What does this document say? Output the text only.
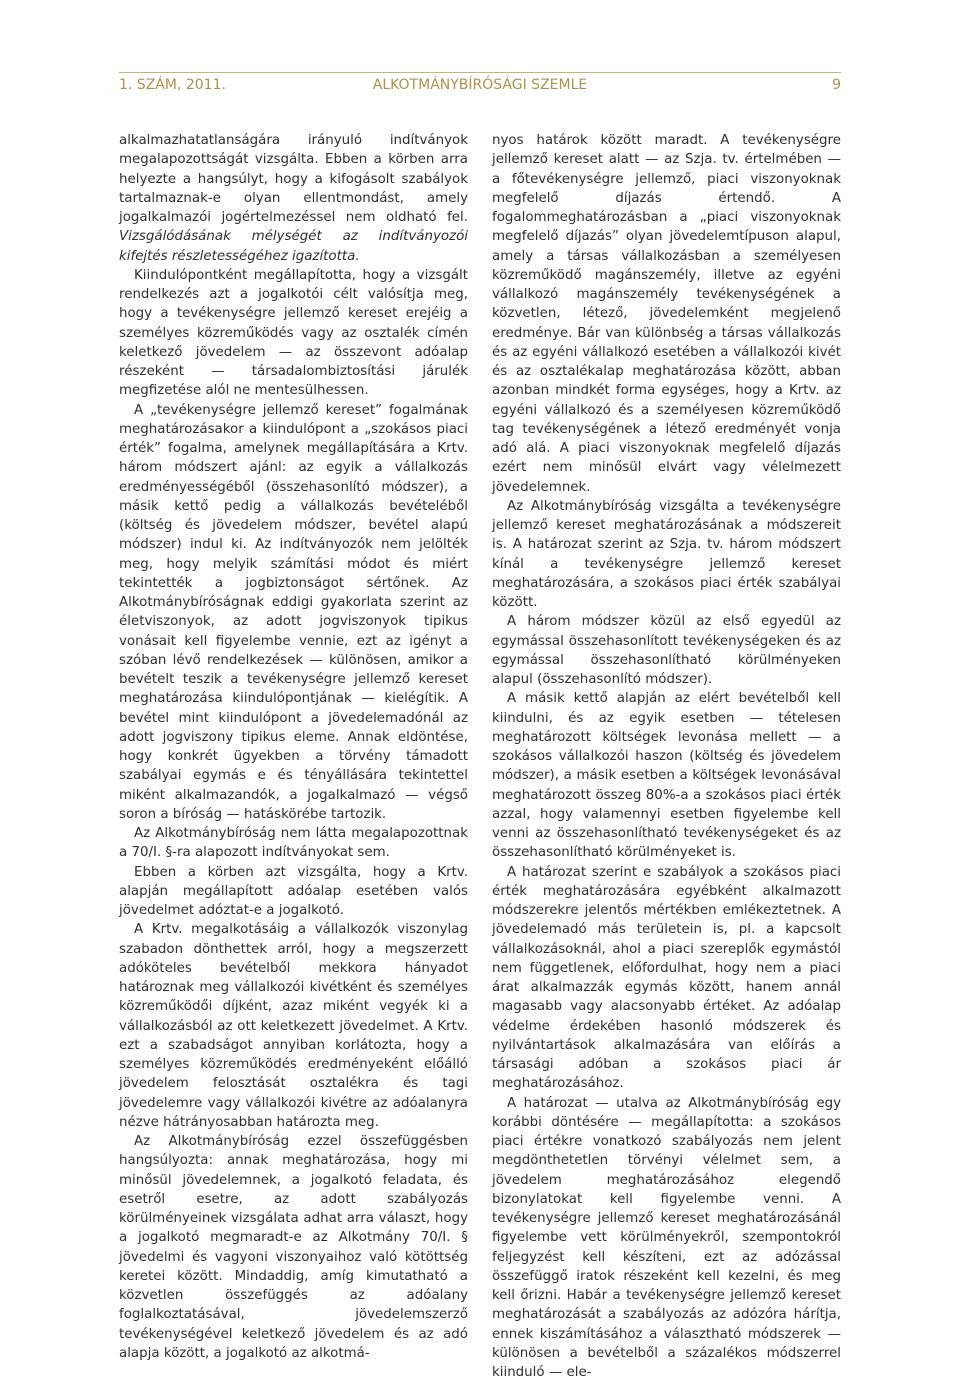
1. SZÁM, 2011.	ALKOTMÁNYBÍRÓSÁGI SZEMLE	9

alkalmazhatatlanságára irányuló indítványok megalapozottságát vizsgálta. Ebben a körben arra helyezte a hangsúlyt, hogy a kifogásolt szabályok tartalmaznak-e olyan ellentmondást, amely jogalkalmazói jogértelmezéssel nem oldható fel. Vizsgálódásának mélységét az indítványozói kifejtés részletességéhez igazította.

Kiindulópontként megállapította, hogy a vizsgált rendelkezés azt a jogalkotói célt valósítja meg, hogy a tevékenységre jellemző kereset erejéig a személyes közreműködés vagy az osztalék címén keletkező jövedelem — az összevont adóalap részeként — társadalombiztosítási járulék megfizetése alól ne mentesülhessen.

A „tevékenységre jellemző kereset” fogalmának meghatározásakor a kiindulópont a „szokásos piaci érték” fogalma, amelynek megállapítására a Krtv. három módszert ajánl: az egyik a vállalkozás eredményességéből (összehasonlító módszer), a másik kettő pedig a vállalkozás bevételéből (költség és jövedelem módszer, bevétel alapú módszer) indul ki. Az indítványozók nem jelölték meg, hogy melyik számítási módot és miért tekintették a jogbiztonságot sértőnek. Az Alkotmánybíróságnak eddigi gyakorlata szerint az életviszonyok, az adott jogviszonyok tipikus vonásait kell figyelembe vennie, ezt az igényt a szóban lévő rendelkezések — különösen, amikor a bevételt teszik a tevékenységre jellemző kereset meghatározása kiindulópontjának — kielégítik. A bevétel mint kiindulópont a jövedelemadónál az adott jogviszony tipikus eleme. Annak eldöntése, hogy konkrét ügyekben a törvény támadott szabályai egymás e és tényállására tekintettel miként alkalmazandók, a jogalkalmazó — végső soron a bíróság — hatáskörébe tartozik.

Az Alkotmánybíróság nem látta megalapozottnak a 70/I. §-ra alapozott indítványokat sem.

Ebben a körben azt vizsgálta, hogy a Krtv. alapján megállapított adóalap esetében valós jövedelmet adóztat-e a jogalkotó.

A Krtv. megalkotásáig a vállalkozók viszonylag szabadon dönthettek arról, hogy a megszerzett adóköteles bevételből mekkora hányadot határoznak meg vállalkozói kivétként és személyes közreműködői díjként, azaz miként vegyék ki a vállalkozásból az ott keletkezett jövedelmet. A Krtv. ezt a szabadságot annyiban korlátozta, hogy a személyes közreműködés eredményeként előálló jövedelem felosztását osztalékra és tagi jövedelemre vagy vállalkozói kivétre az adóalanyra nézve hátrányosabban határozta meg.

Az Alkotmánybíróság ezzel összefüggésben hangsúlyozta: annak meghatározása, hogy mi minősül jövedelemnek, a jogalkotó feladata, és esetről esetre, az adott szabályozás körülményeinek vizsgálata adhat arra választ, hogy a jogalkotó megmaradt-e az Alkotmány 70/I. § jövedelmi és vagyoni viszonyaihoz való kötöttség keretei között. Mindaddig, amíg kimutatható a közvetlen összefüggés az adóalany foglalkoztatásával, jövedelemszerző tevékenységével keletkező jövedelem és az adó alapja között, a jogalkotó az alkotmá-

nyos határok között maradt. A tevékenységre jellemző kereset alatt — az Szja. tv. értelmében — a főtevékenységre jellemző, piaci viszonyoknak megfelelő díjazás értendő. A fogalommeghatározásban a „piaci viszonyoknak megfelelő díjazás” olyan jövedelemtípuson alapul, amely a társas vállalkozásban a személyesen közreműködő magánszemély, illetve az egyéni vállalkozó magánszemély tevékenységének a közvetlen, létező, jövedelemként megjelenő eredménye. Bár van különbség a társas vállalkozás és az egyéni vállalkozó esetében a vállalkozói kivét és az osztalékalap meghatározása között, abban azonban mindkét forma egységes, hogy a Krtv. az egyéni vállalkozó és a személyesen közreműködő tag tevékenységének a létező eredményét vonja adó alá. A piaci viszonyoknak megfelelő díjazás ezért nem minősül elvárt vagy vélelmezett jövedelemnek.

Az Alkotmánybíróság vizsgálta a tevékenységre jellemző kereset meghatározásának a módszereit is. A határozat szerint az Szja. tv. három módszert kínál a tevékenységre jellemző kereset meghatározására, a szokásos piaci érték szabályai között.

A három módszer közül az első egyedül az egymással összehasonlított tevékenységeken és az egymással összehasonlítható körülményeken alapul (összehasonlító módszer).

A másik kettő alapján az elért bevételből kell kiindulni, és az egyik esetben — tételesen meghatározott költségek levonása mellett — a szokásos vállalkozói haszon (költség és jövedelem módszer), a másik esetben a költségek levonásával meghatározott összeg 80%-a a szokásos piaci érték azzal, hogy valamennyi esetben figyelembe kell venni az összehasonlítható tevékenységeket és az összehasonlítható körülményeket is.

A határozat szerint e szabályok a szokásos piaci érték meghatározására egyébként alkalmazott módszerekre jelentős mértékben emlékeztetnek. A jövedelemadó más területein is, pl. a kapcsolt vállalkozásoknál, ahol a piaci szereplők egymástól nem függetlenek, előfordulhat, hogy nem a piaci árat alkalmazzák egymás között, hanem annál magasabb vagy alacsonyabb értéket. Az adóalap védelme érdekében hasonló módszerek és nyilvántartások alkalmazására van előírás a társasági adóban a szokásos piaci ár meghatározásához.

A határozat — utalva az Alkotmánybíróság egy korábbi döntésére — megállapította: a szokásos piaci értékre vonatkozó szabályozás nem jelent megdönthetetlen törvényi vélelmet sem, a jövedelem meghatározásához elegendő bizonylatokat kell figyelembe venni. A tevékenységre jellemző kereset meghatározásánál figyelembe vett körülményekről, szempontokról feljegyzést kell készíteni, ezt az adózással összefüggő iratok részeként kell kezelni, és meg kell őrizni. Habár a tevékenységre jellemző kereset meghatározását a szabályozás az adózóra hárítja, ennek kiszámításához a választható módszerek — különösen a bevételből a százalékos módszerrel kiinduló — ele-
